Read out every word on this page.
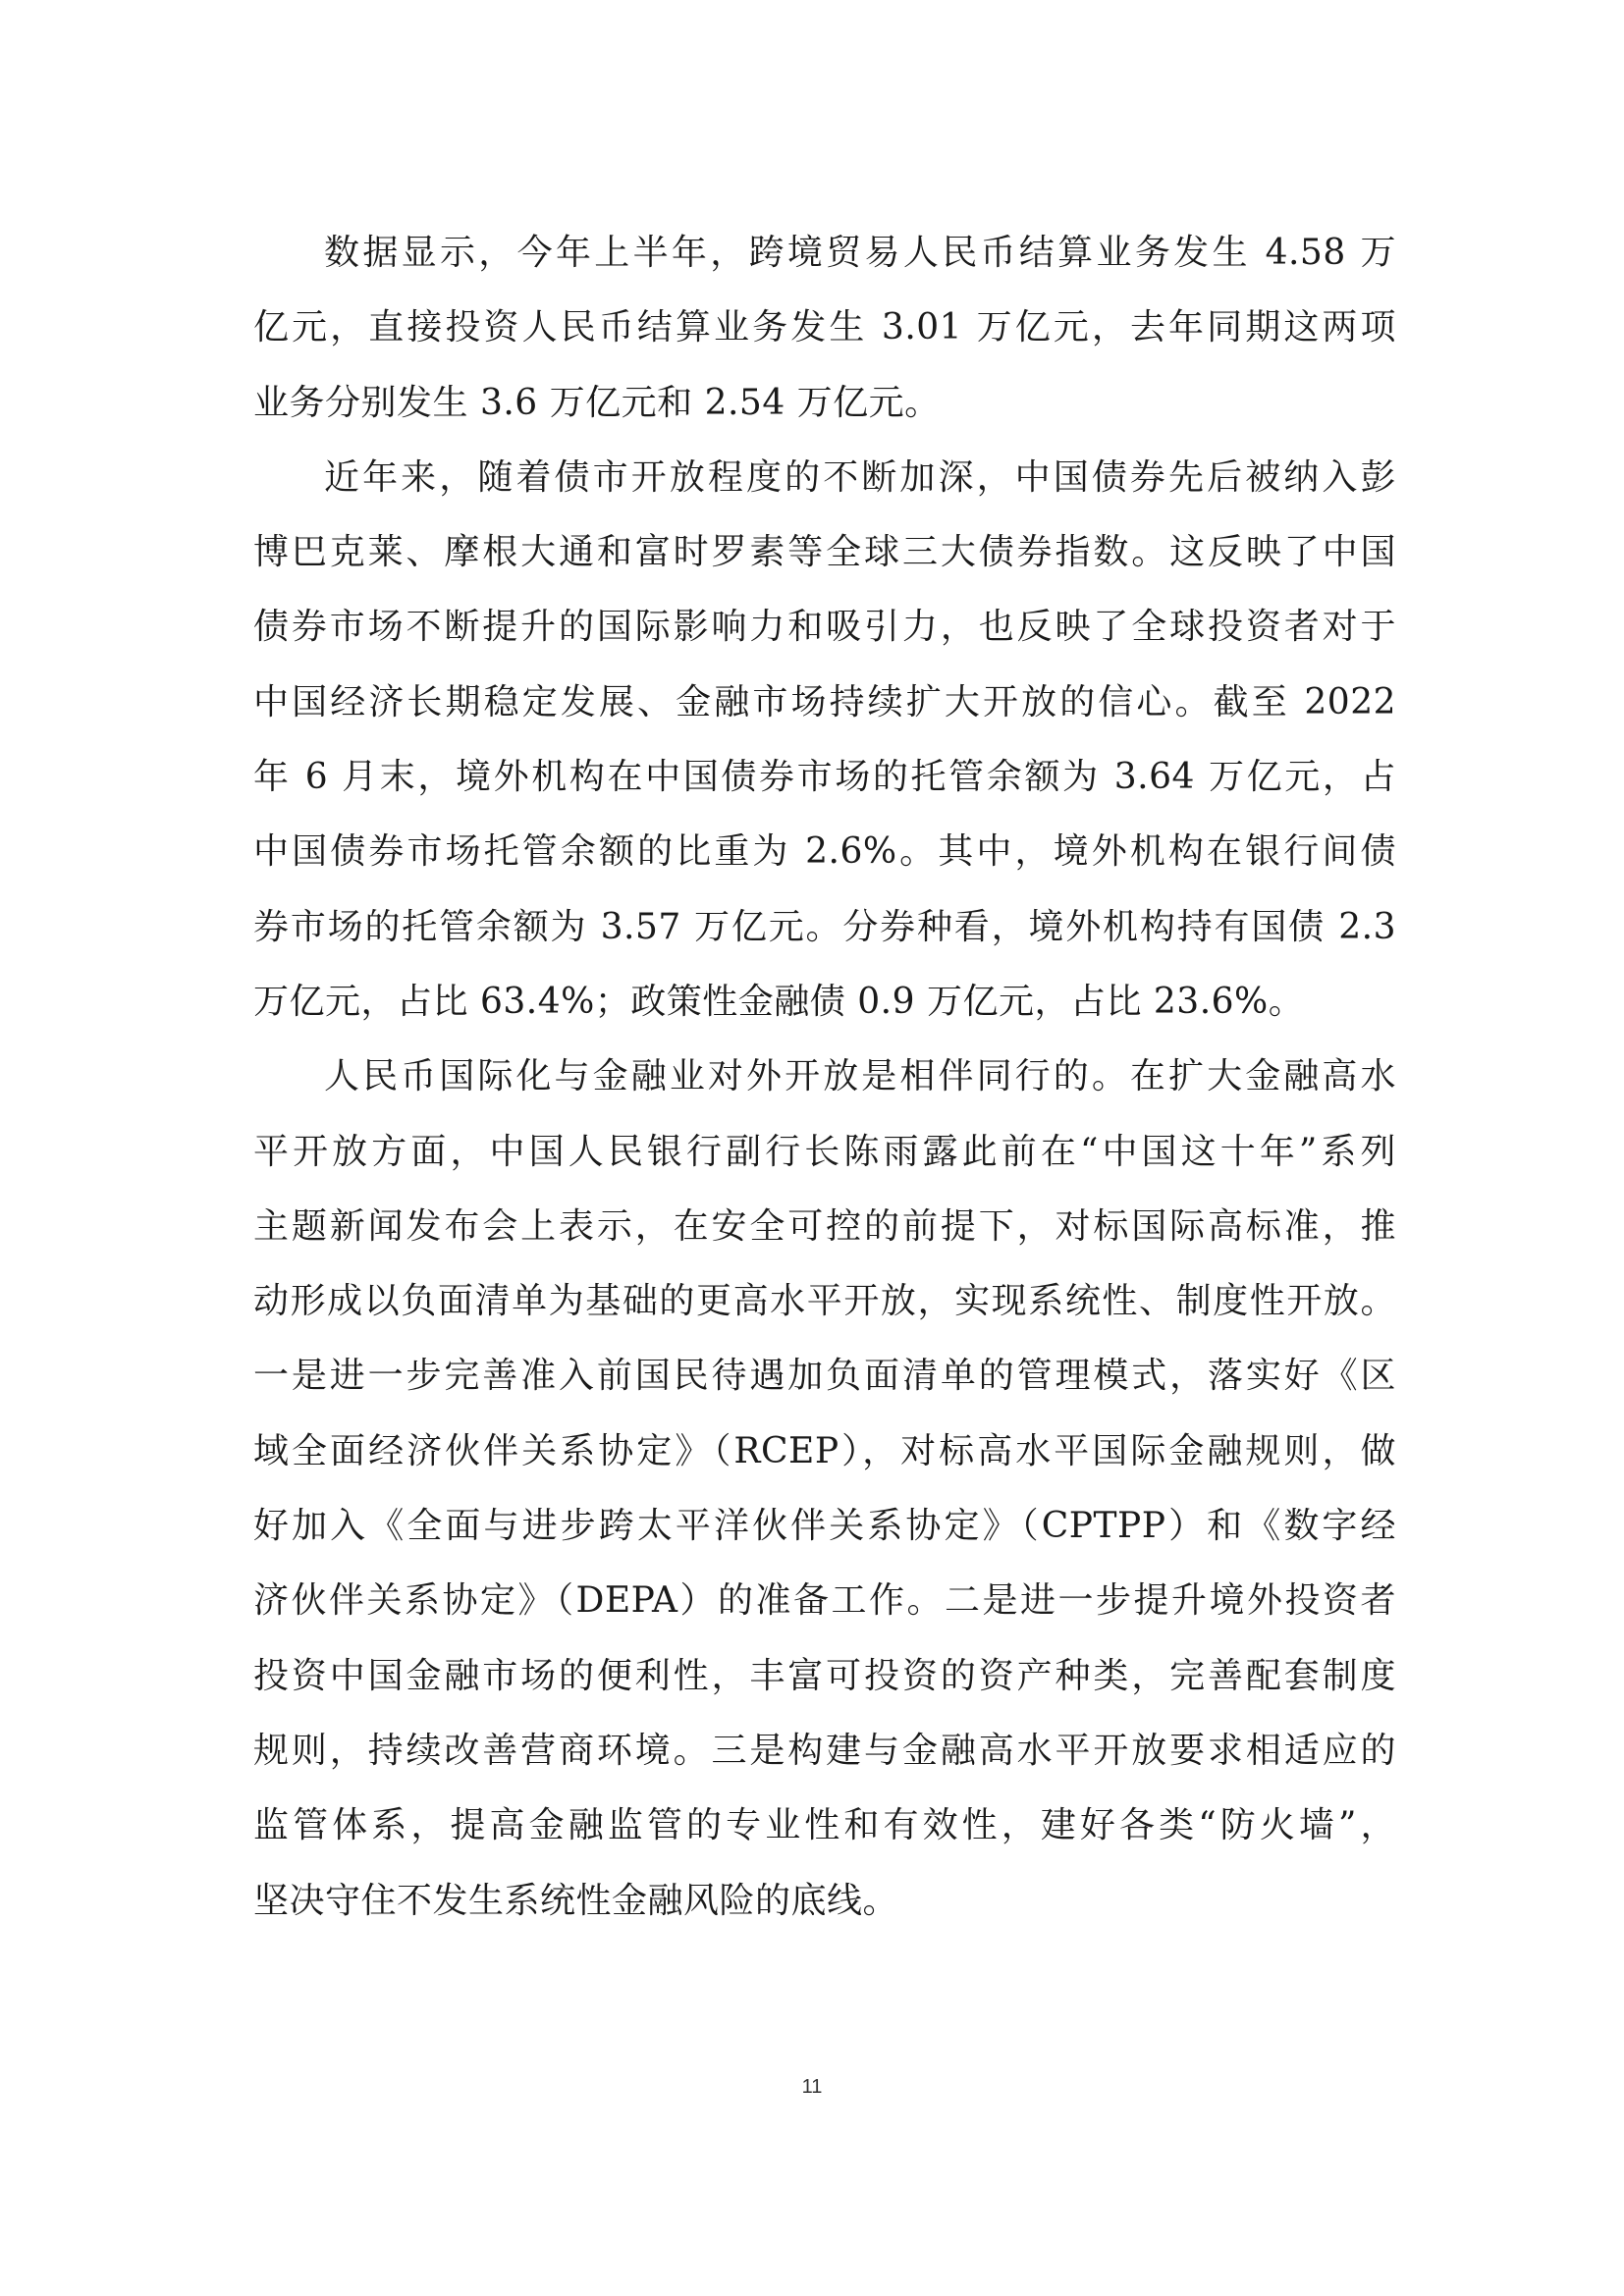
数据显示，今年上半年，跨境贸易人民币结算业务发生 4.58 万
亿元，直接投资人民币结算业务发生 3.01 万亿元，去年同期这两项
业务分别发生 3.6 万亿元和 2.54 万亿元。
近年来，随着债市开放程度的不断加深，中国债券先后被纳入彭
博巴克莱、摩根大通和富时罗素等全球三大债券指数。这反映了中国
债券市场不断提升的国际影响力和吸引力，也反映了全球投资者对于
中国经济长期稳定发展、金融市场持续扩大开放的信心。截至 2022
年 6 月末，境外机构在中国债券市场的托管余额为 3.64 万亿元，占
中国债券市场托管余额的比重为 2.6%。其中，境外机构在银行间债
券市场的托管余额为 3.57 万亿元。分券种看，境外机构持有国债 2.3
万亿元，占比 63.4%；政策性金融债 0.9 万亿元，占比 23.6%。
人民币国际化与金融业对外开放是相伴同行的。在扩大金融高水
平开放方面，中国人民银行副行长陈雨露此前在“中国这十年”系列
主题新闻发布会上表示，在安全可控的前提下，对标国际高标准，推
动形成以负面清单为基础的更高水平开放，实现系统性、制度性开放。
一是进一步完善准入前国民待遇加负面清单的管理模式，落实好《区
域全面经济伙伴关系协定》（RCEP），对标高水平国际金融规则，做
好加入《全面与进步跨太平洋伙伴关系协定》（CPTPP）和《数字经
济伙伴关系协定》（DEPA）的准备工作。二是进一步提升境外投资者
投资中国金融市场的便利性，丰富可投资的资产种类，完善配套制度
规则，持续改善营商环境。三是构建与金融高水平开放要求相适应的
监管体系，提高金融监管的专业性和有效性，建好各类“防火墙”，
坚决守住不发生系统性金融风险的底线。
11
